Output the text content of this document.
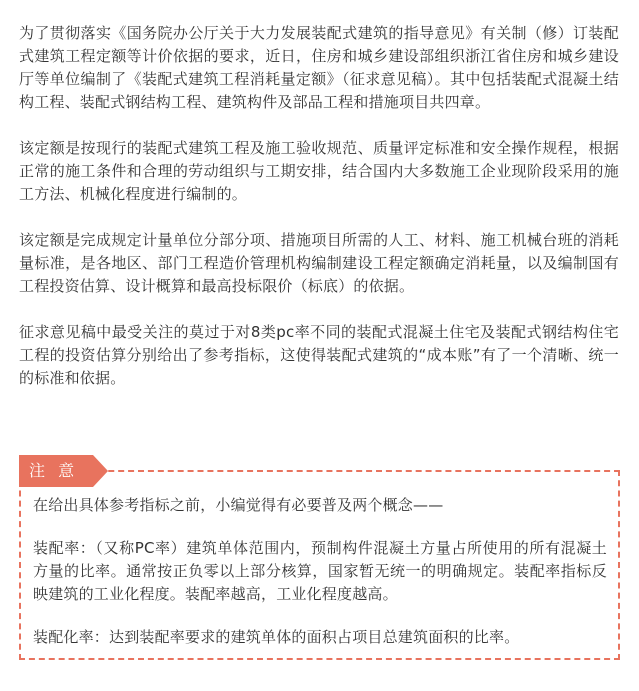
为了贯彻落实《国务院办公厅关于大力发展装配式建筑的指导意见》有关制（修）订装配式建筑工程定额等计价依据的要求，近日，住房和城乡建设部组织浙江省住房和城乡建设厅等单位编制了《装配式建筑工程消耗量定额》（征求意见稿）。其中包括装配式混凝土结构工程、装配式钢结构工程、建筑构件及部品工程和措施项目共四章。

该定额是按现行的装配式建筑工程及施工验收规范、质量评定标准和安全操作规程，根据正常的施工条件和合理的劳动组织与工期安排，结合国内大多数施工企业现阶段采用的施工方法、机械化程度进行编制的。

该定额是完成规定计量单位分部分项、措施项目所需的人工、材料、施工机械台班的消耗量标准，是各地区、部门工程造价管理机构编制建设工程定额确定消耗量，以及编制国有工程投资估算、设计概算和最高投标限价（标底）的依据。

征求意见稿中最受关注的莫过于对8类pc率不同的装配式混凝土住宅及装配式钢结构住宅工程的投资估算分别给出了参考指标，这使得装配式建筑的“成本账”有了一个清晰、统一的标准和依据。

注 意

在给出具体参考指标之前，小编觉得有必要普及两个概念——

装配率：（又称PC率）建筑单体范围内，预制构件混凝土方量占所使用的所有混凝土方量的比率。通常按正负零以上部分核算，国家暂无统一的明确规定。装配率指标反映建筑的工业化程度。装配率越高，工业化程度越高。

装配化率：达到装配率要求的建筑单体的面积占项目总建筑面积的比率。
